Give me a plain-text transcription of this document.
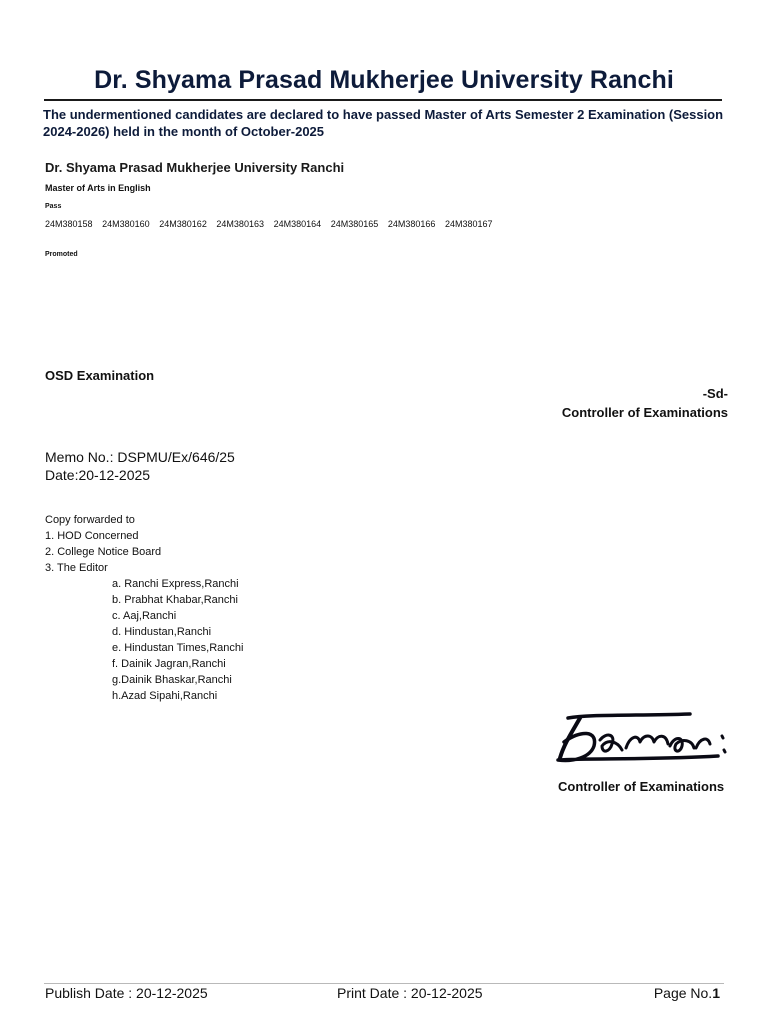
Dr. Shyama Prasad Mukherjee University Ranchi
The undermentioned candidates are declared to have passed Master of Arts Semester 2 Examination (Session 2024-2026) held in the month of October-2025
Dr. Shyama Prasad Mukherjee University Ranchi
Master of Arts in English
Pass
24M380158 24M380160 24M380162 24M380163 24M380164 24M380165 24M380166 24M380167
Promoted
OSD Examination
-Sd-
Controller of Examinations
Memo No.: DSPMU/Ex/646/25
Date:20-12-2025
Copy forwarded to
1. HOD Concerned
2. College Notice Board
3. The Editor
a. Ranchi Express,Ranchi
b. Prabhat Khabar,Ranchi
c. Aaj,Ranchi
d. Hindustan,Ranchi
e. Hindustan Times,Ranchi
f. Dainik Jagran,Ranchi
g.Dainik Bhaskar,Ranchi
h.Azad Sipahi,Ranchi
Controller of Examinations
Publish Date : 20-12-2025	Print Date : 20-12-2025	Page No.1
